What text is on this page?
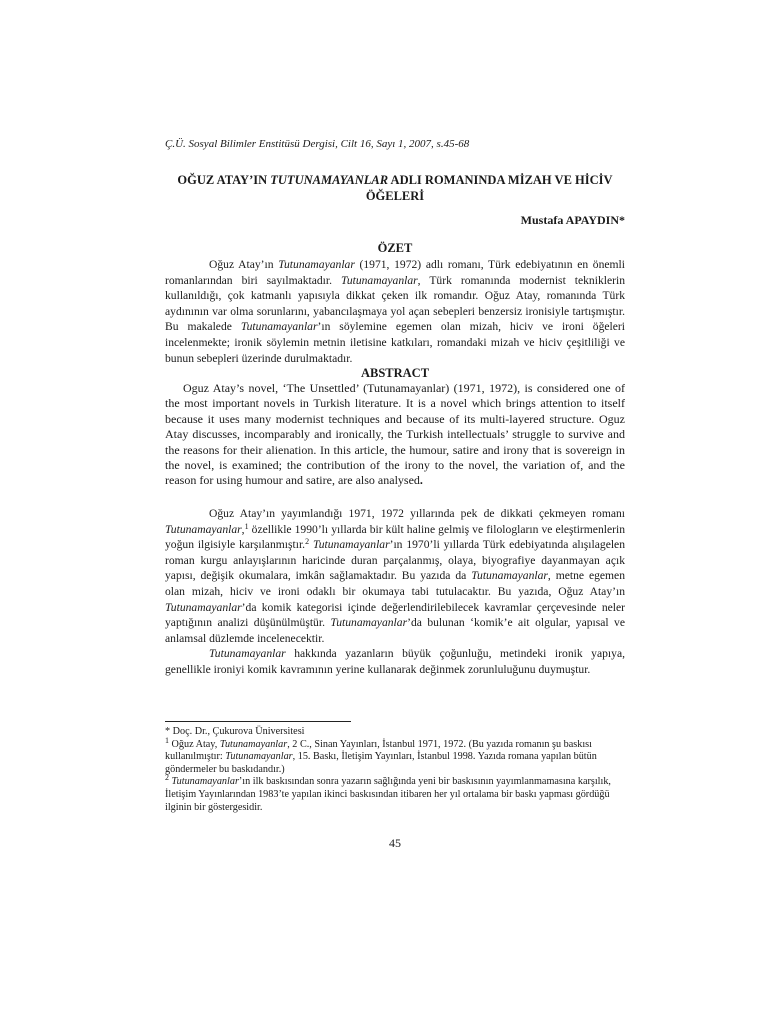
Ç.Ü. Sosyal Bilimler Enstitüsü Dergisi, Cilt 16, Sayı 1, 2007, s.45-68
OĞUZ ATAY’IN TUTUNAMAYANLAR ADLI ROMANINDA MİZAH VE HİCİV ÖĞELERİ
Mustafa APAYDIN*
ÖZET

Oğuz Atay’ın Tutunamayanlar (1971, 1972) adlı romanı, Türk edebiyatının en önemli romanlarından biri sayılmaktadır. Tutunamayanlar, Türk romanında modernist tekniklerin kullanıldığı, çok katmanlı yapısıyla dikkat çeken ilk romandır. Oğuz Atay, romanında Türk aydınının var olma sorunlarını, yabancılaşmaya yol açan sebepleri benzersiz ironisiyle tartışmıştır. Bu makalede Tutunamayanlar’ın söylemine egemen olan mizah, hiciv ve ironi öğeleri incelenmekte; ironik söylemin metnin iletisine katkıları, romandaki mizah ve hiciv çeşitliliği ve bunun sebepleri üzerinde durulmaktadır.

ABSTRACT

Oguz Atay’s novel, ‘The Unsettled’ (Tutunamayanlar) (1971, 1972), is considered one of the most important novels in Turkish literature. It is a novel which brings attention to itself because it uses many modernist techniques and because of its multi-layered structure. Oguz Atay discusses, incomparably and ironically, the Turkish intellectuals’ struggle to survive and the reasons for their alienation. In this article, the humour, satire and irony that is sovereign in the novel, is examined; the contribution of the irony to the novel, the variation of, and the reason for using humour and satire, are also analysed.

Oğuz Atay’ın yayımlandığı 1971, 1972 yıllarında pek de dikkati çekmeyen romanı Tutunamayanlar,$^1$ özellikle 1990’lı yıllarda bir kült haline gelmiş ve filologların ve eleştirmenlerin yoğun ilgisiyle karşılanmıştır.$^2$ Tutunamayanlar’ın 1970’li yıllarda Türk edebiyatında alışılagelen roman kurgu anlayışlarının haricinde duran parçalanmış, olaya, biyografiye dayanmayan açık yapısı, değişik okumalara, imkân sağlamaktadır. Bu yazıda da Tutunamayanlar, metne egemen olan mizah, hiciv ve ironi odaklı bir okumaya tabi tutulacaktır. Bu yazıda, Oğuz Atay’ın Tutunamayanlar’da komik kategorisi içinde değerlendirilebilecek kavramlar çerçevesinde neler yaptığının analizi düşünülmüştür. Tutunamayanlar’da bulunan ‘komik’e ait olgular, yapısal ve anlamsal düzlemde incelenecektir.

Tutunamayanlar hakkında yazanların büyük çoğunluğu, metindeki ironik yapıya, genellikle ironiyi komik kavramının yerine kullanarak değinmek zorunluluğunu duymuştur.

* Doç. Dr., Çukurova Üniversitesi

$^1$ Oğuz Atay, Tutunamayanlar, 2 C., Sinan Yayınları, İstanbul 1971, 1972. (Bu yazıda romanın şu baskısı kullanılmıştır: Tutunamayanlar, 15. Baskı, İletişim Yayınları, İstanbul 1998. Yazıda romana yapılan bütün göndermeler bu baskıdandır.)

$^2$ Tutunamayanlar’ın ilk baskısından sonra yazarın sağlığında yeni bir baskısının yayımlanmamasına karşılık, İletişim Yayınlarından 1983’te yapılan ikinci baskısından itibaren her yıl ortalama bir baskı yapması gördüğü ilginin bir göstergesidir.

45
